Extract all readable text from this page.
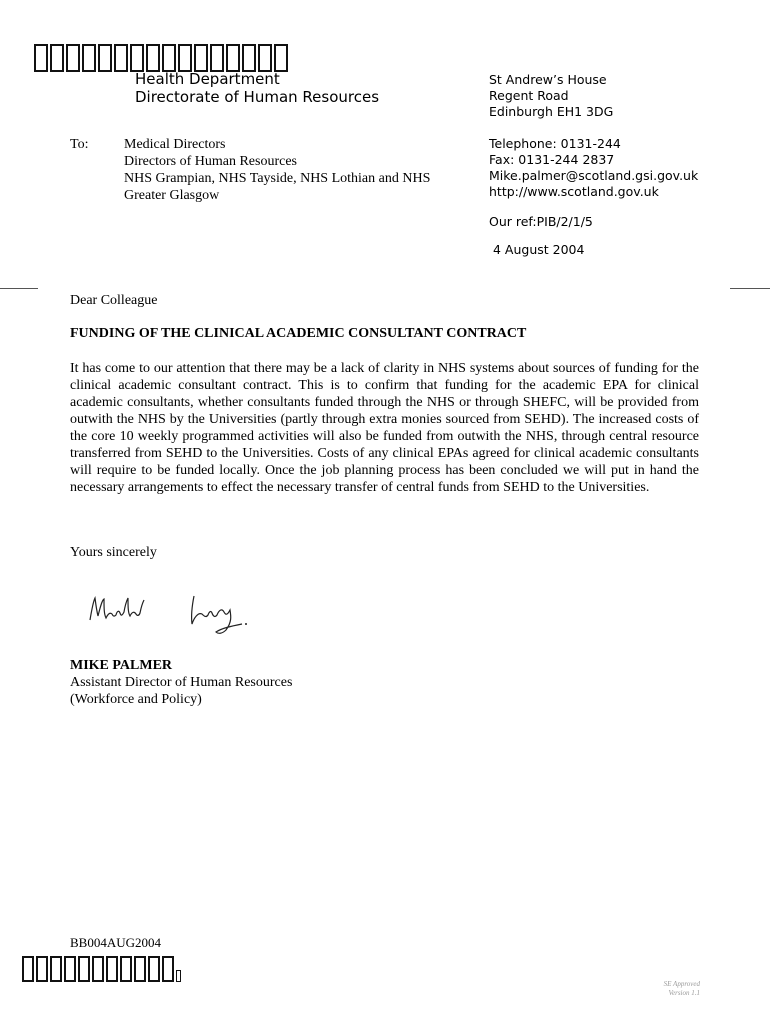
Health Department
Directorate of Human Resources
St Andrew’s House
Regent Road
Edinburgh EH1 3DG
Telephone: 0131-244
Fax: 0131-244 2837
Mike.palmer@scotland.gsi.gov.uk
http://www.scotland.gov.uk
Our ref:PIB/2/1/5
4 August 2004
To:	Medical Directors
Directors of Human Resources
NHS Grampian, NHS Tayside, NHS Lothian and NHS Greater Glasgow
Dear Colleague
FUNDING OF THE CLINICAL ACADEMIC CONSULTANT CONTRACT
It has come to our attention that there may be a lack of clarity in NHS systems about sources of funding for the clinical academic consultant contract. This is to confirm that funding for the academic EPA for clinical academic consultants, whether consultants funded through the NHS or through SHEFC, will be provided from outwith the NHS by the Universities (partly through extra monies sourced from SEHD). The increased costs of the core 10 weekly programmed activities will also be funded from outwith the NHS, through central resource transferred from SEHD to the Universities. Costs of any clinical EPAs agreed for clinical academic consultants will require to be funded locally. Once the job planning process has been concluded we will put in hand the necessary arrangements to effect the necessary transfer of central funds from SEHD to the Universities.
Yours sincerely
MIKE PALMER
Assistant Director of Human Resources
(Workforce and Policy)
BB004AUG2004
SE Approved
Version 1.1
